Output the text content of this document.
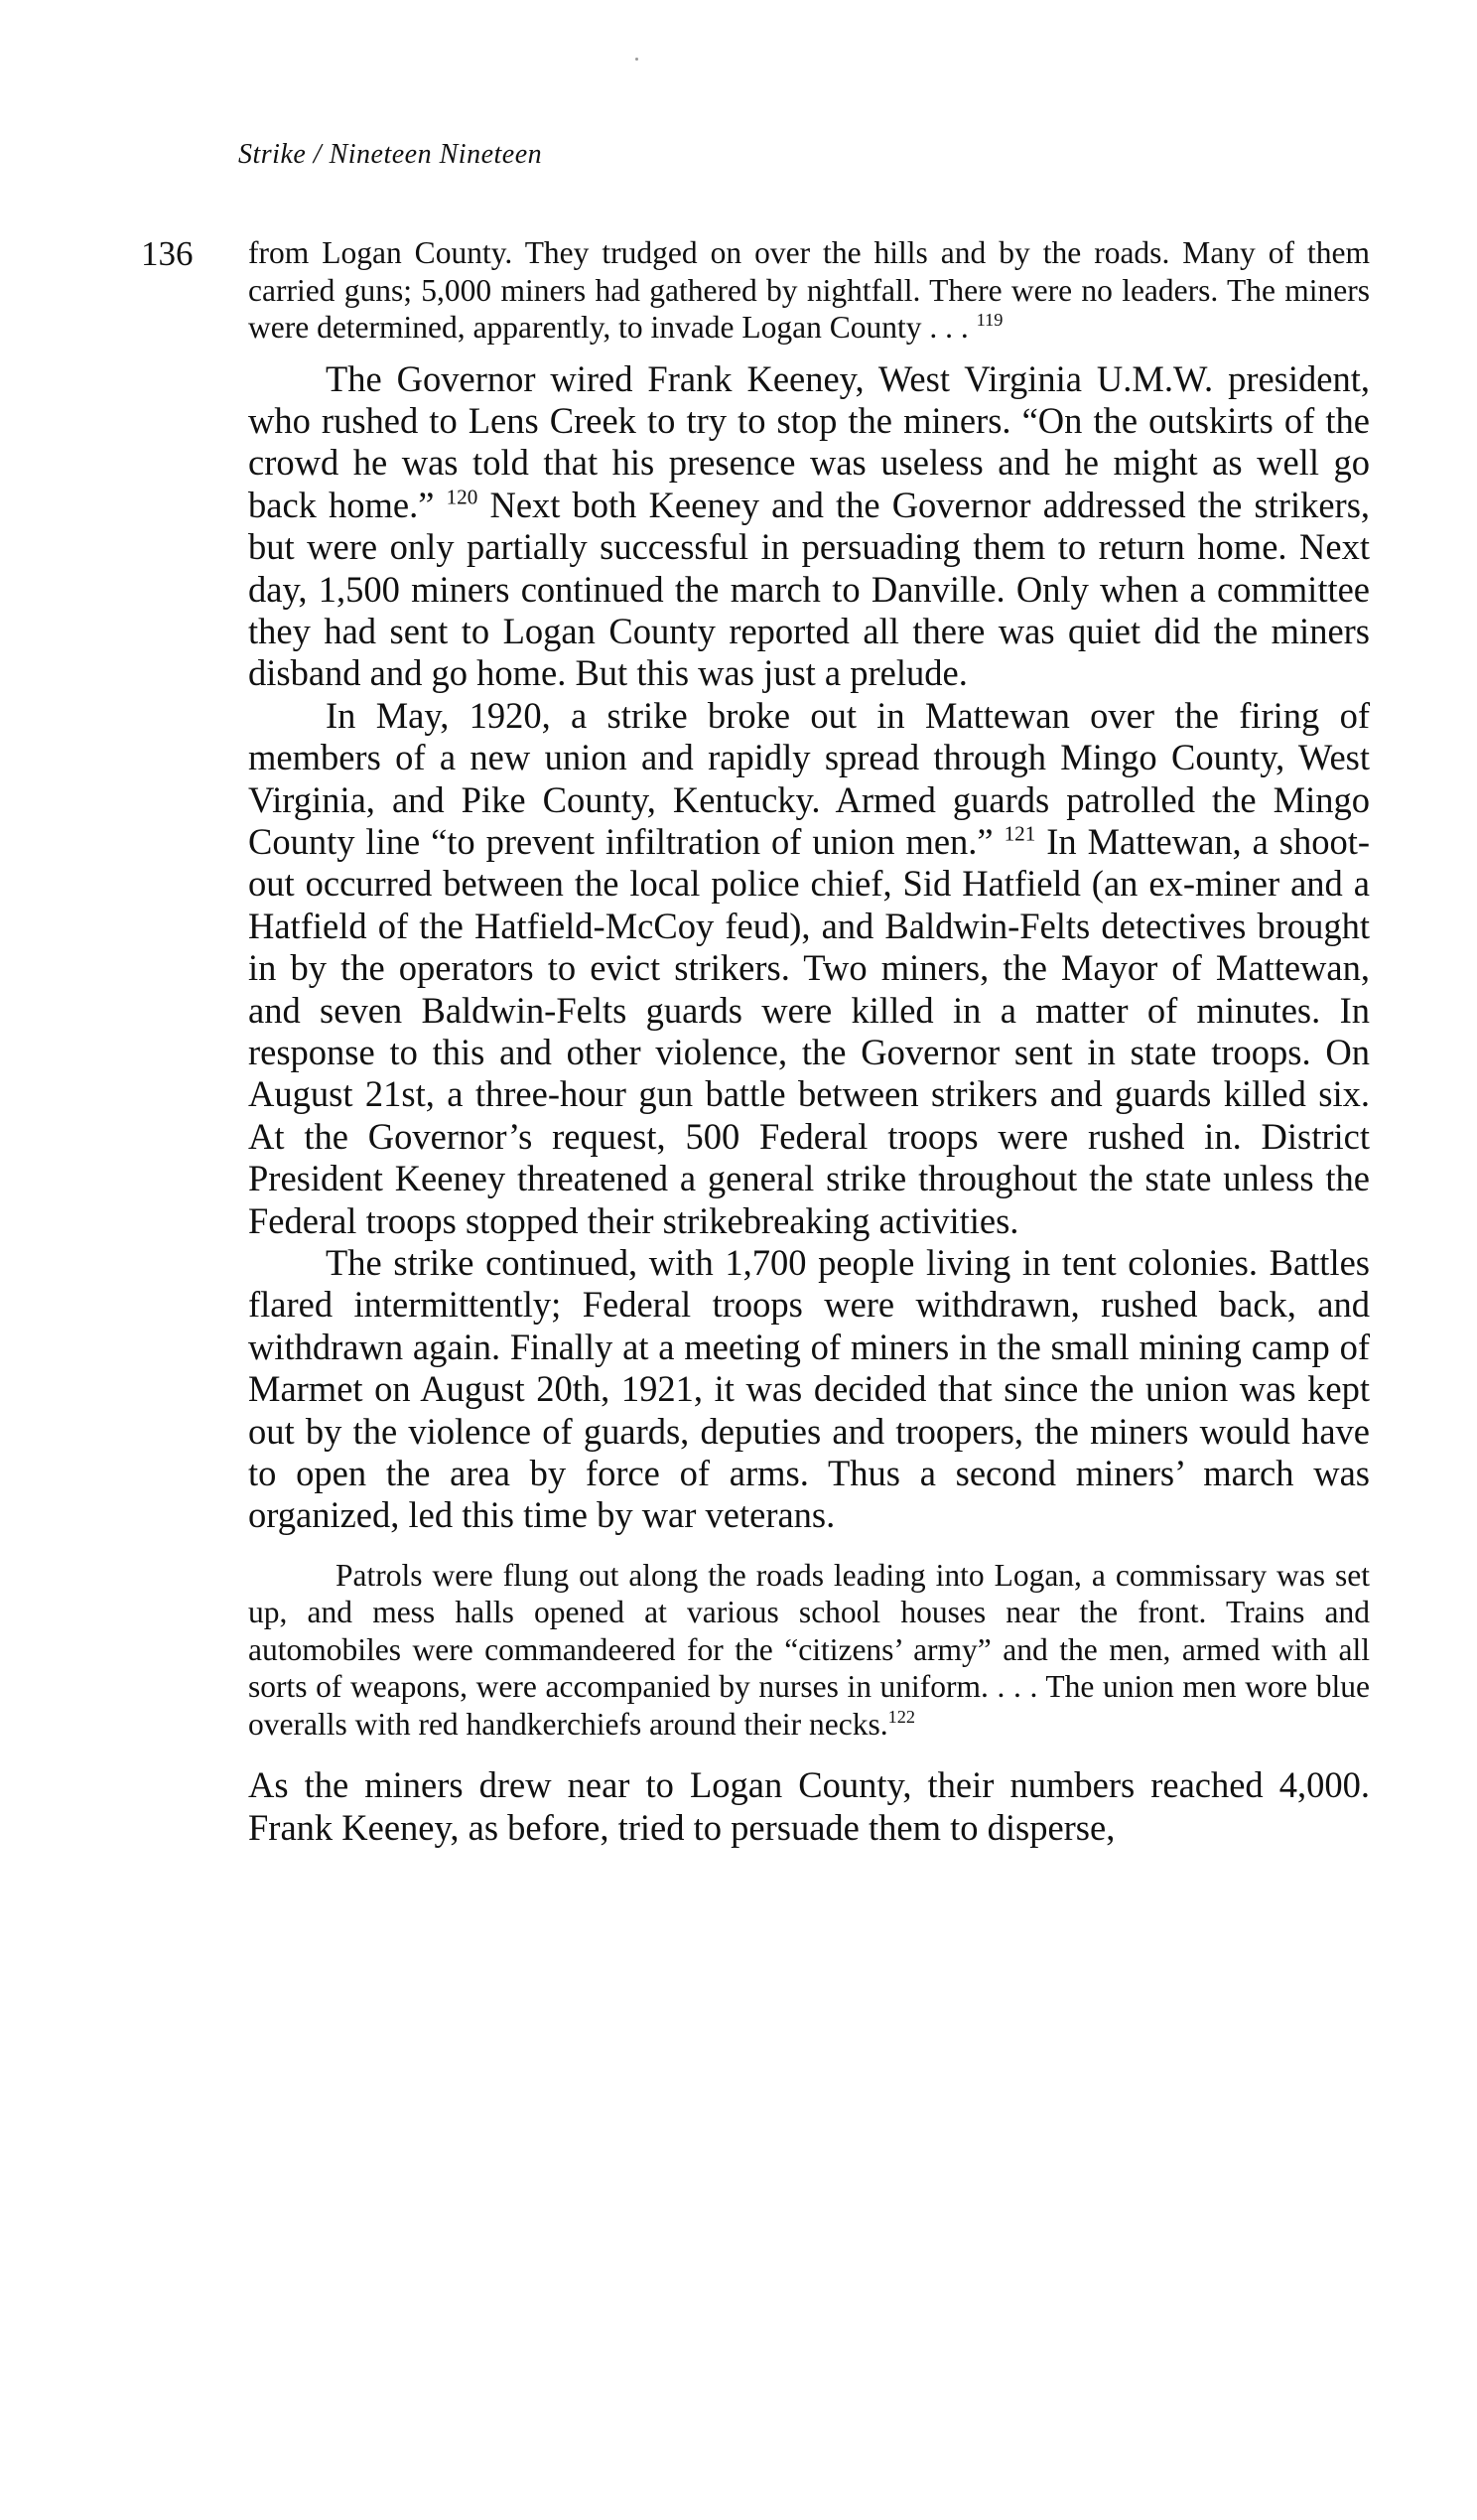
Strike / Nineteen Nineteen
136 from Logan County. They trudged on over the hills and by the roads. Many of them carried guns; 5,000 miners had gathered by nightfall. There were no leaders. The miners were determined, apparently, to invade Logan County . . . $^{119}$

The Governor wired Frank Keeney, West Virginia U.M.W. president, who rushed to Lens Creek to try to stop the miners. “On the outskirts of the crowd he was told that his presence was useless and he might as well go back home.” $^{120}$ Next both Keeney and the Governor addressed the strikers, but were only partially successful in persuading them to return home. Next day, 1,500 miners continued the march to Danville. Only when a committee they had sent to Logan County reported all there was quiet did the miners disband and go home. But this was just a prelude.

In May, 1920, a strike broke out in Mattewan over the firing of members of a new union and rapidly spread through Mingo County, West Virginia, and Pike County, Kentucky. Armed guards patrolled the Mingo County line “to prevent infiltration of union men.” $^{121}$ In Mattewan, a shoot-out occurred between the local police chief, Sid Hatfield (an ex-miner and a Hatfield of the Hatfield-McCoy feud), and Baldwin-Felts detectives brought in by the operators to evict strikers. Two miners, the Mayor of Mattewan, and seven Baldwin-Felts guards were killed in a matter of minutes. In response to this and other violence, the Governor sent in state troops. On August 21st, a three-hour gun battle between strikers and guards killed six. At the Governor’s request, 500 Federal troops were rushed in. District President Keeney threatened a general strike throughout the state unless the Federal troops stopped their strikebreaking activities.

The strike continued, with 1,700 people living in tent colonies. Battles flared intermittently; Federal troops were withdrawn, rushed back, and withdrawn again. Finally at a meeting of miners in the small mining camp of Marmet on August 20th, 1921, it was decided that since the union was kept out by the violence of guards, deputies and troopers, the miners would have to open the area by force of arms. Thus a second miners’ march was organized, led this time by war veterans.

Patrols were flung out along the roads leading into Logan, a commissary was set up, and mess halls opened at various school houses near the front. Trains and automobiles were commandeered for the “citizens’ army” and the men, armed with all sorts of weapons, were accompanied by nurses in uniform. . . . The union men wore blue overalls with red handkerchiefs around their necks.$^{122}$

As the miners drew near to Logan County, their numbers reached 4,000. Frank Keeney, as before, tried to persuade them to disperse,
